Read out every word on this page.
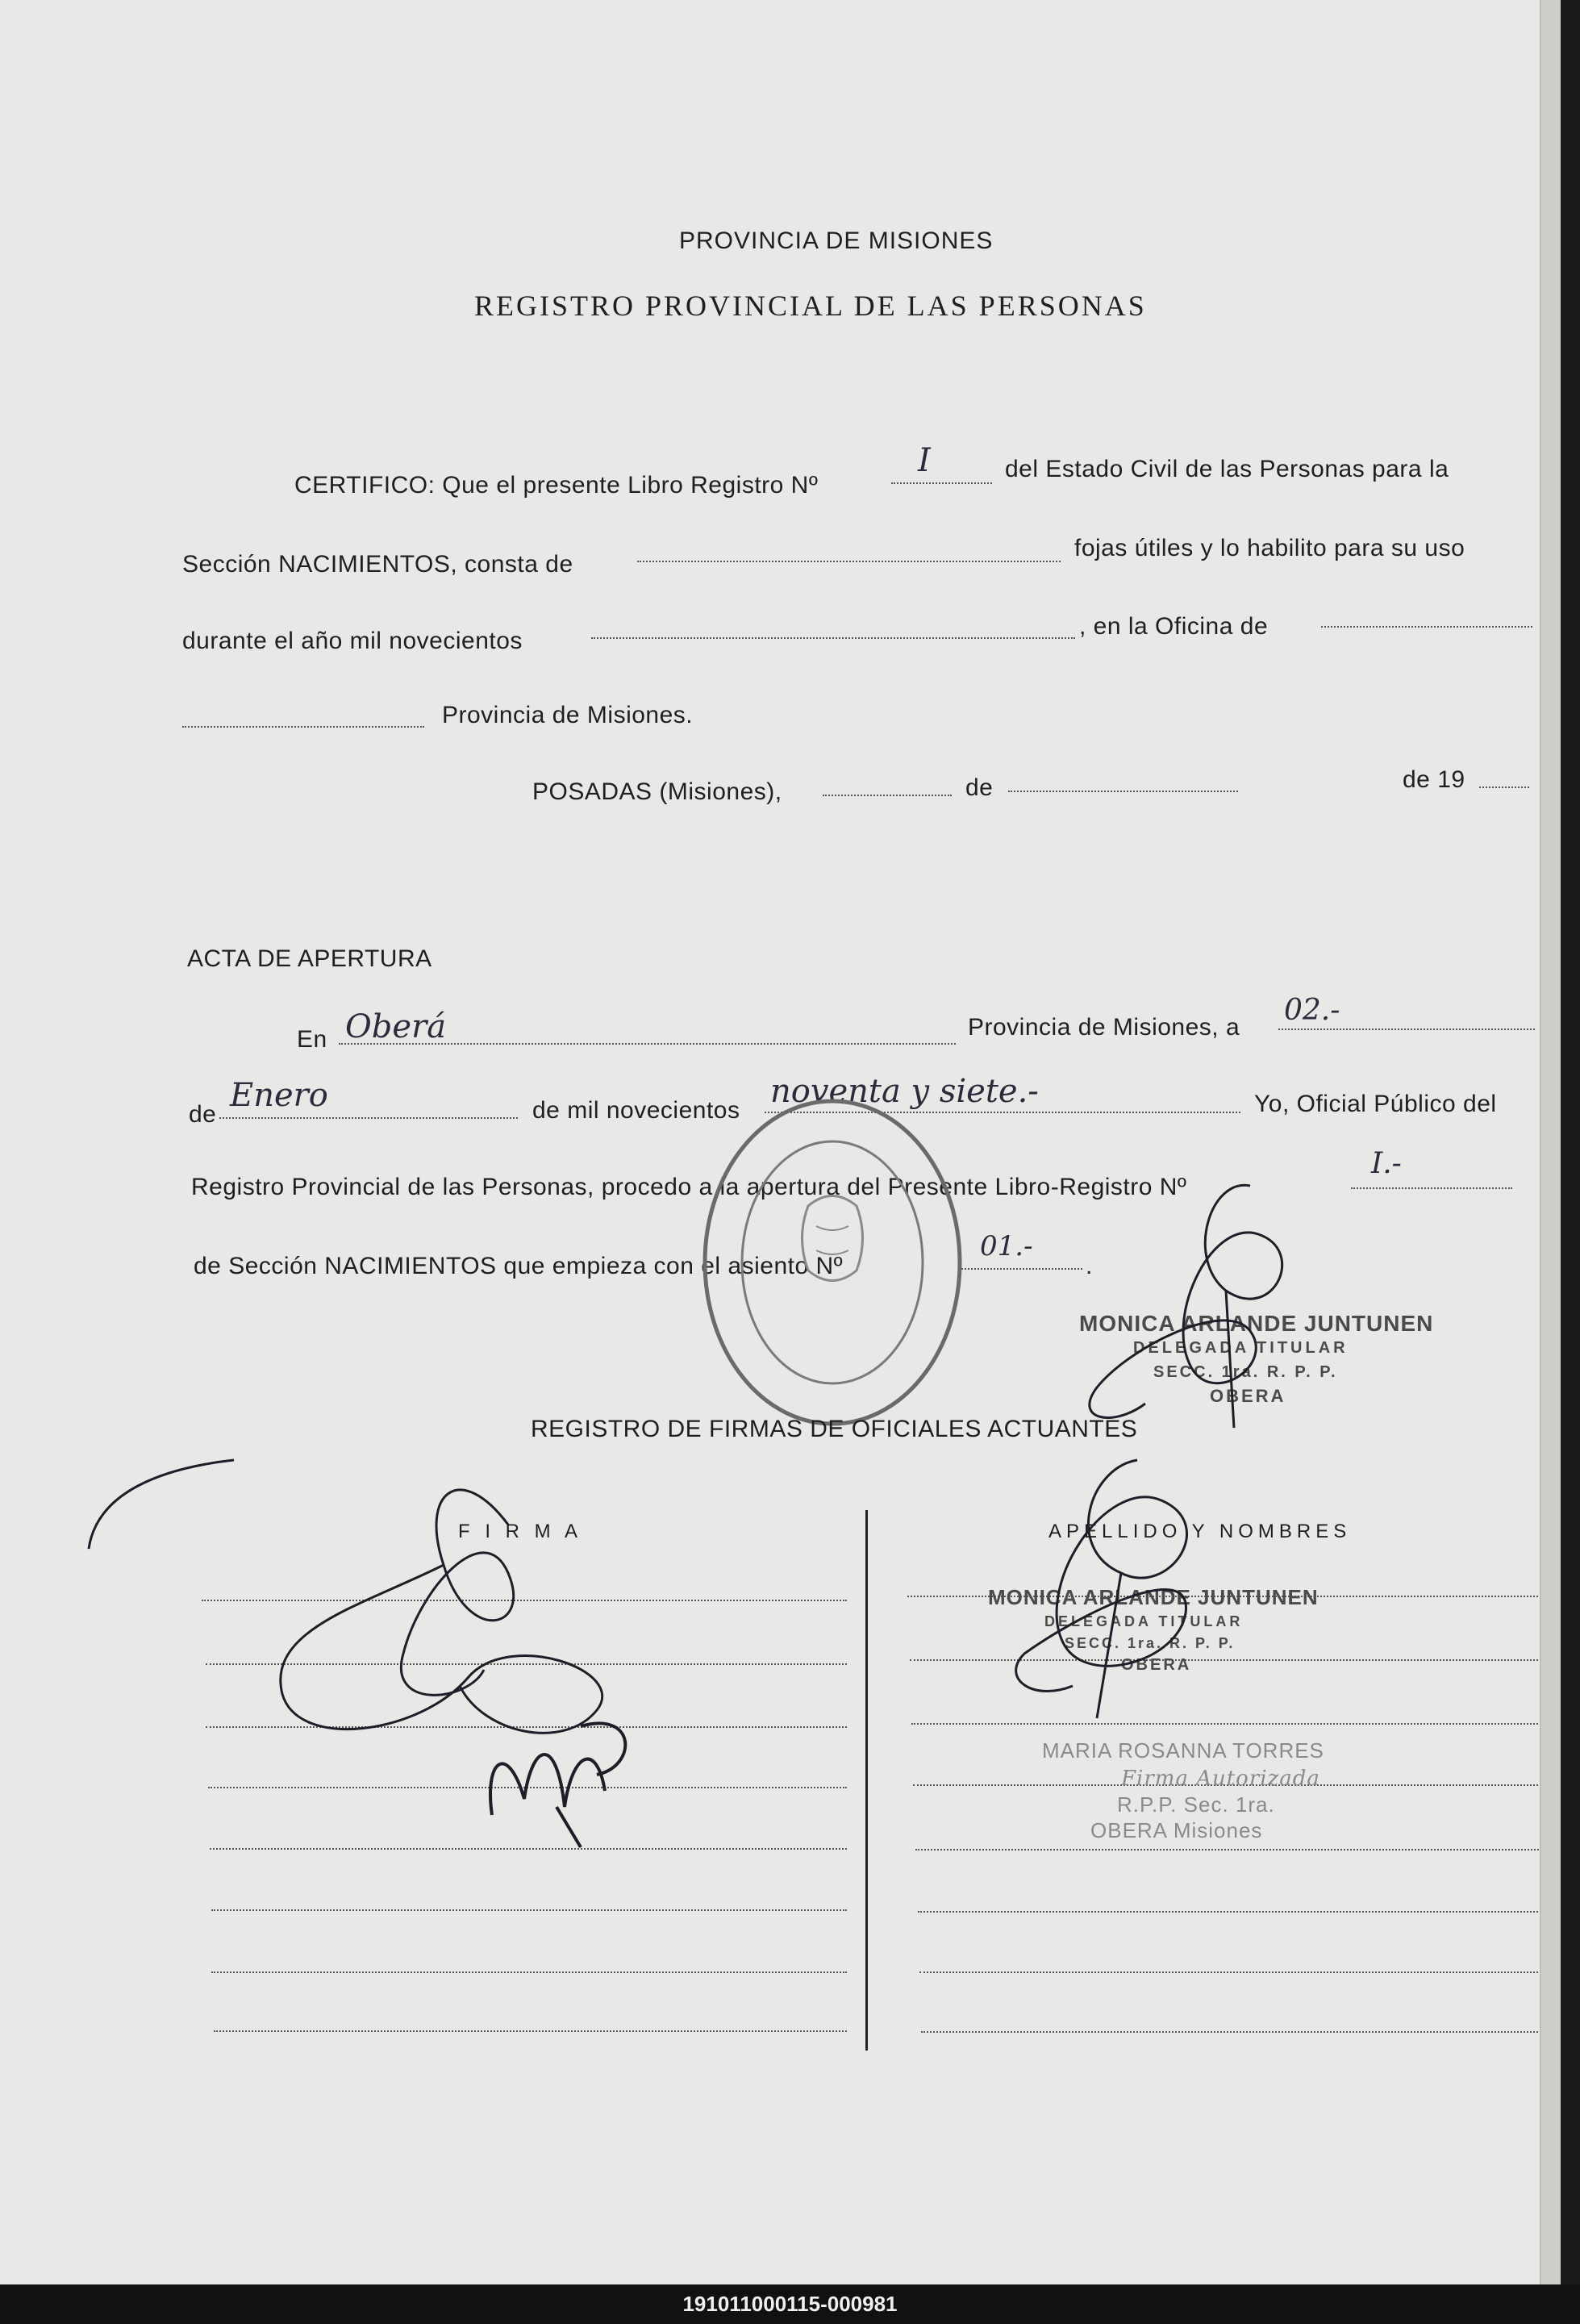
PROVINCIA DE MISIONES
REGISTRO PROVINCIAL DE LAS PERSONAS
CERTIFICO: Que el presente Libro Registro Nº
I	del Estado Civil de las Personas para la
Sección NACIMIENTOS, consta de
fojas útiles y lo habilito para su uso
durante el año mil novecientos
, en la Oficina de
Provincia de Misiones.
POSADAS (Misiones),	de	de 19
ACTA DE APERTURA
En Oberá	Provincia de Misiones, a
02.-
de
Enero	de mil novecientos
noventa y siete.-	Yo, Oficial Público del
Registro Provincial de las Personas, procedo a la apertura del Presente Libro-Registro Nº
I.-
de Sección NACIMIENTOS que empieza con el asiento Nº
01.-
.
MONICA ARLANDE JUNTUNEN
DELEGADA TITULAR
SECC. 1ra. R. P. P.
OBERA
REGISTRO DE FIRMAS DE OFICIALES ACTUANTES
F I R M A	APELLIDO Y NOMBRES
MONICA ARLANDE JUNTUNEN
DELEGADA TITULAR
SECC. 1ra. R. P. P.
OBERA
MARIA ROSANNA TORRES
Firma Autorizada
R.P.P. Sec. 1ra.
OBERA Misiones
191011000115-000981
